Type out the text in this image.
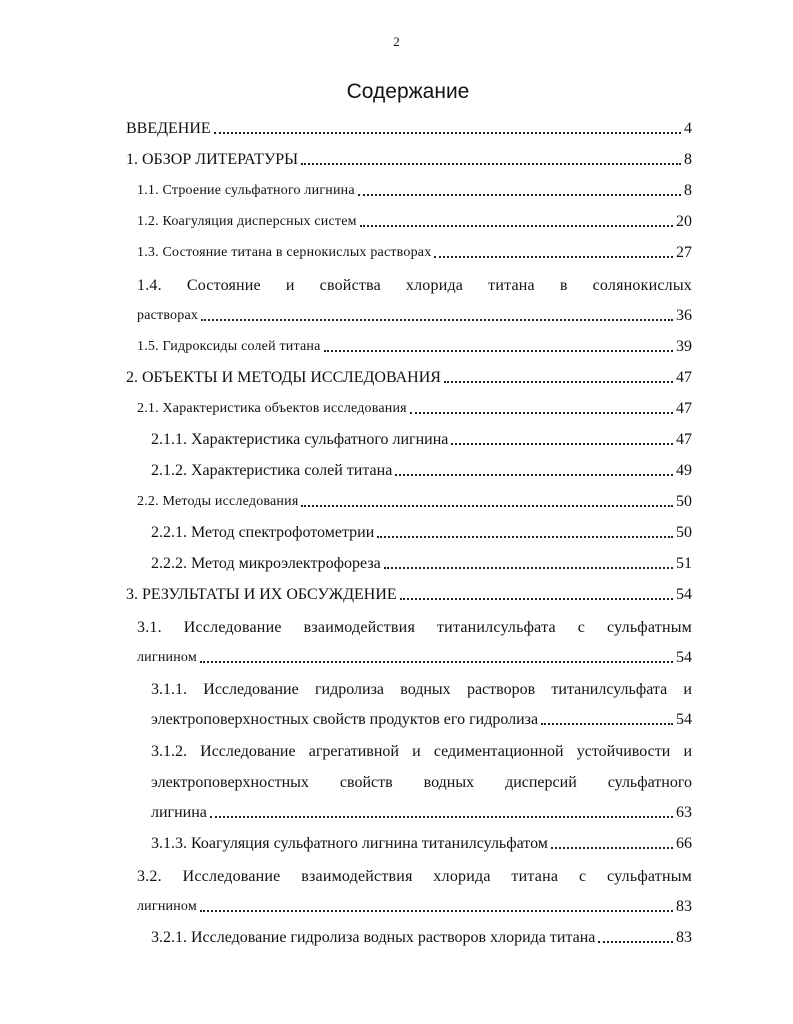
2
Содержание
ВВЕДЕНИЕ	4
1. ОБЗОР ЛИТЕРАТУРЫ	8
1.1. Строение сульфатного лигнина	8
1.2. Коагуляция дисперсных систем	20
1.3. Состояние титана в сернокислых растворах	27
1.4. Состояние и свойства хлорида титана в солянокислых
растворах	36
1.5. Гидроксиды солей титана	39
2. ОБЪЕКТЫ И МЕТОДЫ ИССЛЕДОВАНИЯ	47
2.1. Характеристика объектов исследования	47
2.1.1. Характеристика сульфатного лигнина	47
2.1.2. Характеристика солей титана	49
2.2. Методы исследования	50
2.2.1. Метод спектрофотометрии	50
2.2.2. Метод микроэлектрофореза	51
3. РЕЗУЛЬТАТЫ И ИХ ОБСУЖДЕНИЕ	54
3.1. Исследование взаимодействия титанилсульфата с сульфатным
лигнином	54
3.1.1. Исследование гидролиза водных растворов титанилсульфата и
электроповерхностных свойств продуктов его гидролиза	54
3.1.2. Исследование агрегативной и седиментационной устойчивости и
электроповерхностных свойств водных дисперсий сульфатного
лигнина	63
3.1.3. Коагуляция сульфатного лигнина титанилсульфатом	66
3.2. Исследование взаимодействия хлорида титана с сульфатным
лигнином	83
3.2.1. Исследование гидролиза водных растворов хлорида титана	83
